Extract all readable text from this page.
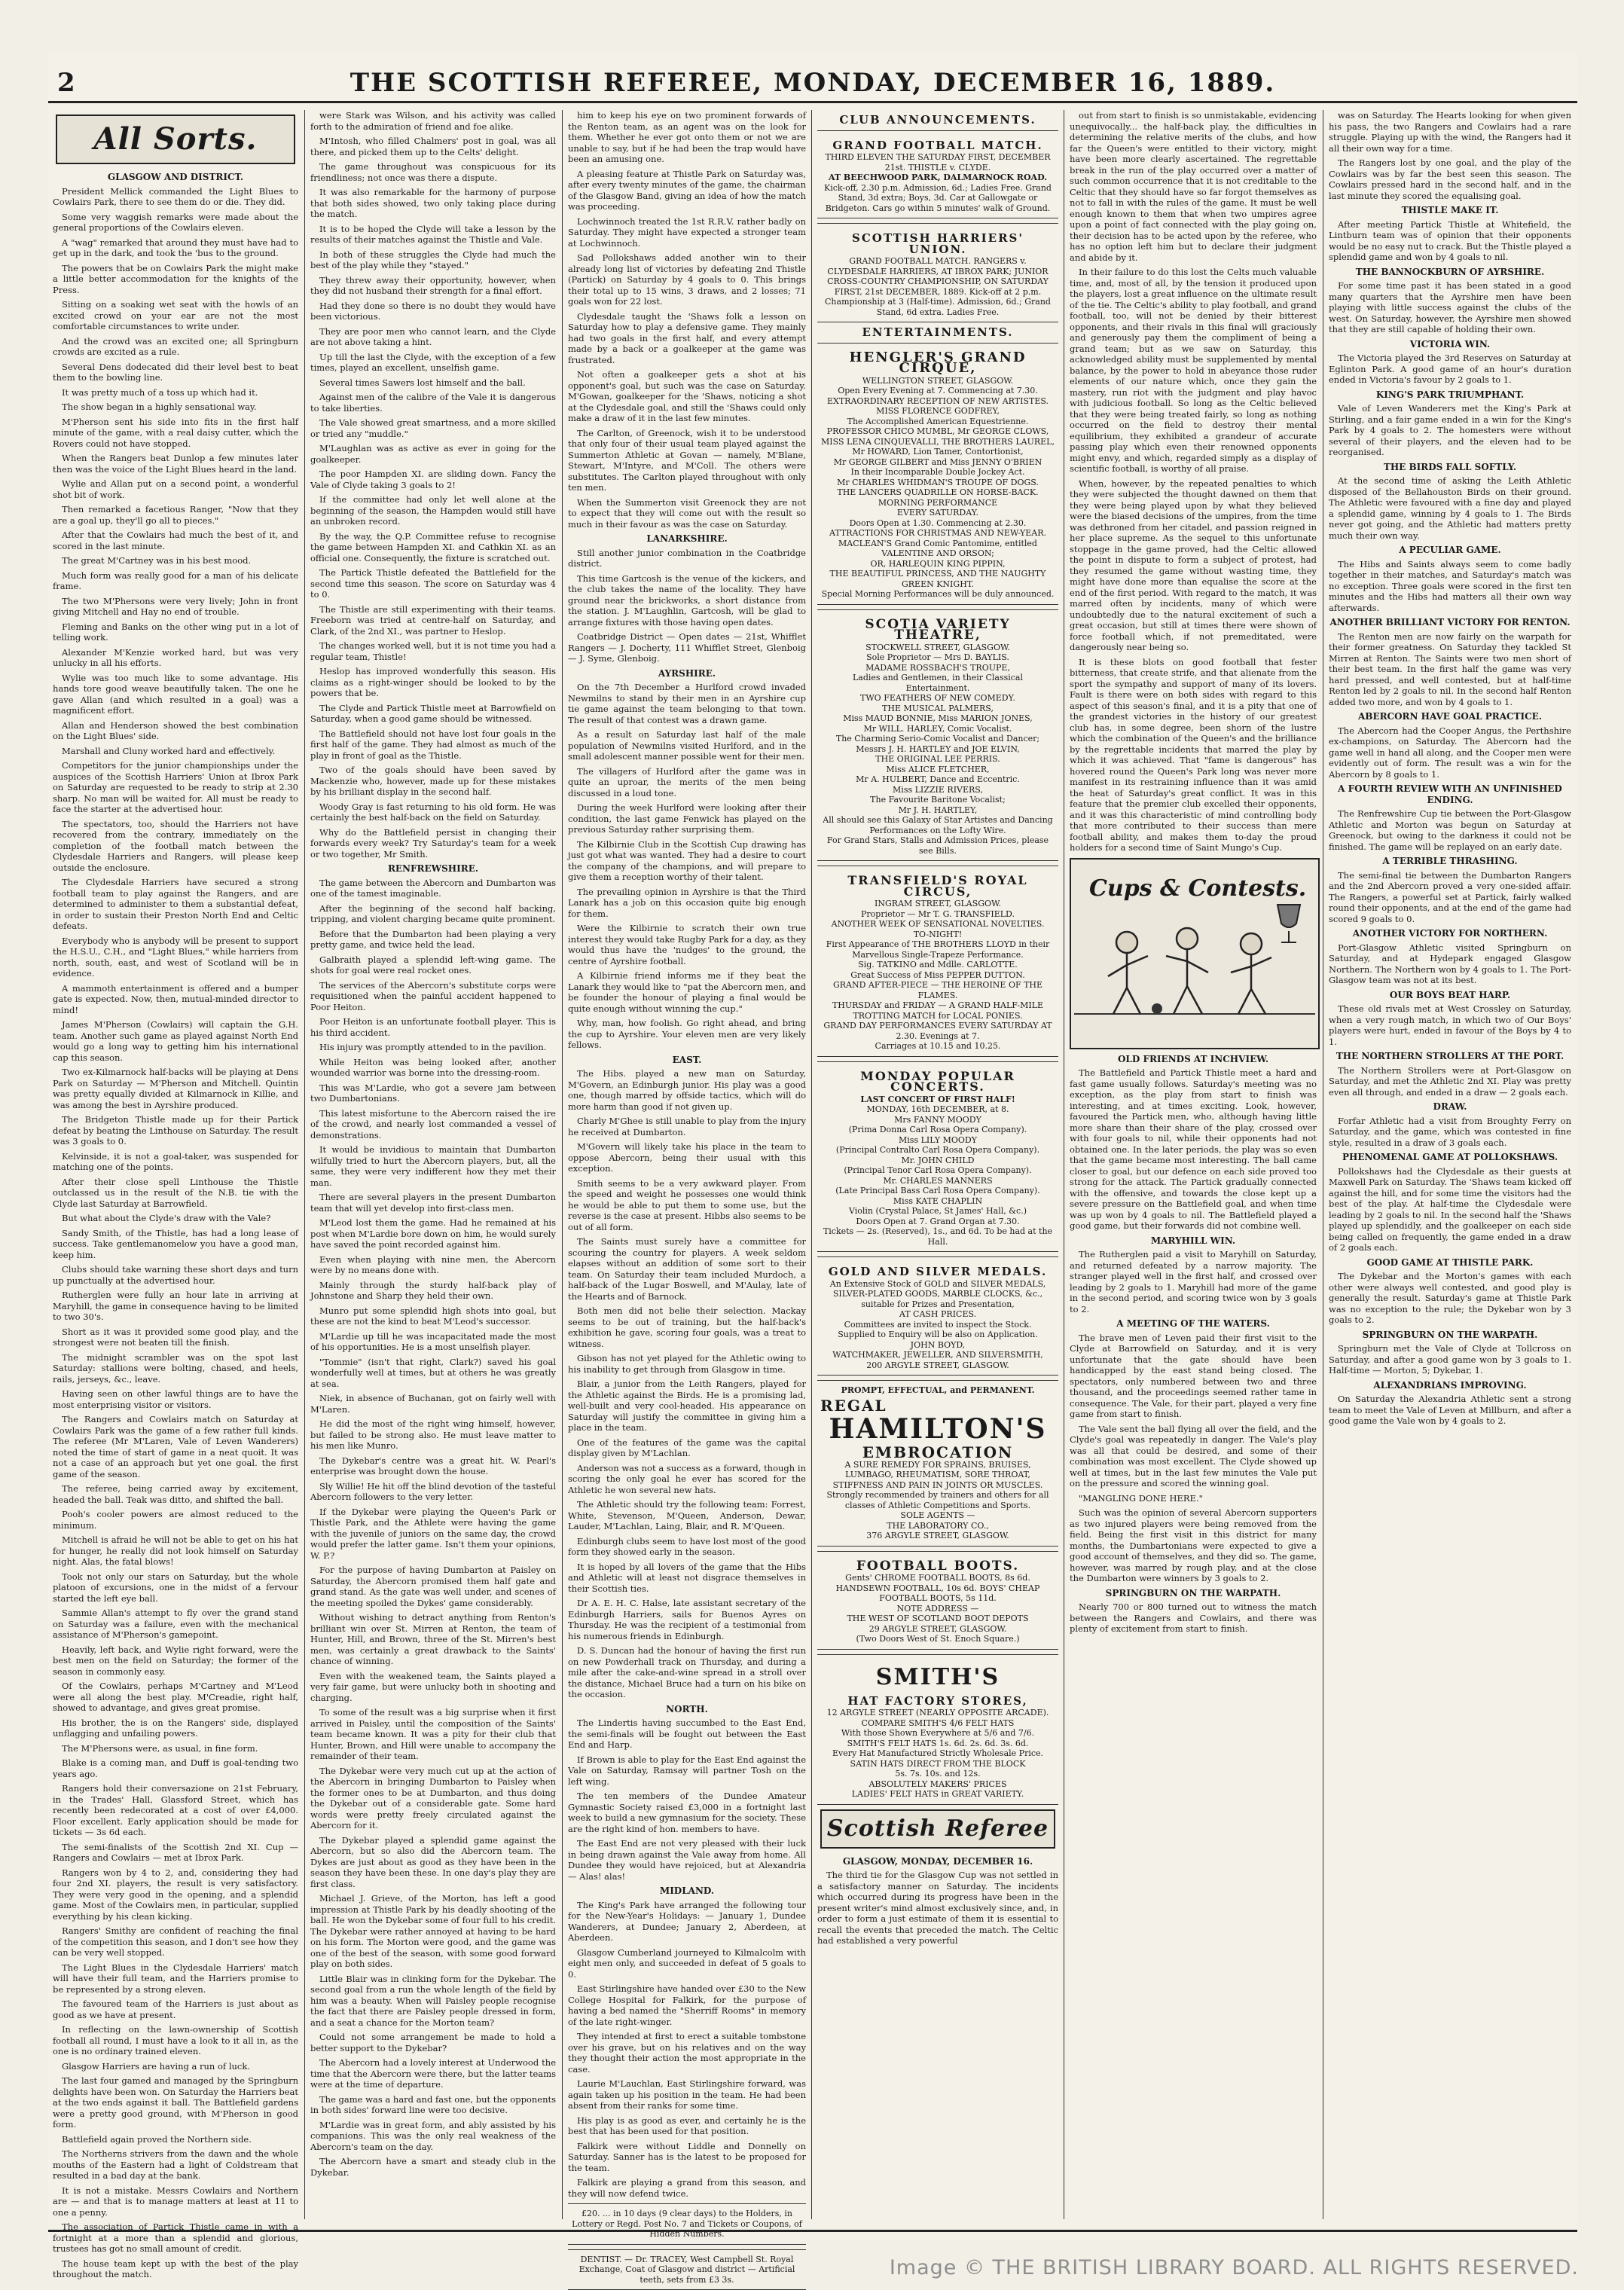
2	THE SCOTTISH REFEREE, MONDAY, DECEMBER 16, 1889.
All Sorts.
GLASGOW AND DISTRICT.

President Mellick commanded the Light Blues to Cowlairs Park, there to see them do or die. They did.

Some very waggish remarks were made about the general proportions of the Cowlairs eleven.

A "wag" remarked that around they must have had to get up in the dark, and took the 'bus to the ground.

The powers that be on Cowlairs Park the might make a little better accommodation for the knights of the Press.

Sitting on a soaking wet seat with the howls of an excited crowd on your ear are not the most comfortable circumstances to write under.

And the crowd was an excited one; all Springburn crowds are excited as a rule.

Several Dens dodecated did their level best to beat them to the bowling line.

It was pretty much of a toss up which had it.

The show began in a highly sensational way.

M'Pherson sent his side into fits in the first half minute of the game, with a real daisy cutter, which the Rovers could not have stopped.

When the Rangers beat Dunlop a few minutes later then was the voice of the Light Blues heard in the land.

Wylie and Allan put on a second point, a wonderful shot bit of work.

Then remarked a facetious Ranger, "Now that they are a goal up, they'll go all to pieces."

After that the Cowlairs had much the best of it, and scored in the last minute.

The great M'Cartney was in his best mood.

Much form was really good for a man of his delicate frame.

The two M'Phersons were very lively; John in front giving Mitchell and Hay no end of trouble.

Fleming and Banks on the other wing put in a lot of telling work.

Alexander M'Kenzie worked hard, but was very unlucky in all his efforts.

Wylie was too much like to some advantage. His hands tore good weave beautifully taken. The one he gave Allan (and which resulted in a goal) was a magnificent effort.

Allan and Henderson showed the best combination on the Light Blues' side.

Marshall and Cluny worked hard and effectively.

Competitors for the junior championships under the auspices of the Scottish Harriers' Union at Ibrox Park on Saturday are requested to be ready to strip at 2.30 sharp. No man will be waited for. All must be ready to face the starter at the advertised hour.

The spectators, too, should the Harriers not have recovered from the contrary, immediately on the completion of the football match between the Clydesdale Harriers and Rangers, will please keep outside the enclosure.

The Clydesdale Harriers have secured a strong football team to play against the Rangers, and are determined to administer to them a substantial defeat, in order to sustain their Preston North End and Celtic defeats.

Everybody who is anybody will be present to support the H.S.U., C.H., and "Light Blues," while harriers from north, south, east, and west of Scotland will be in evidence.

A mammoth entertainment is offered and a bumper gate is expected. Now, then, mutual-minded director to mind!

James M'Pherson (Cowlairs) will captain the G.H. team. Another such game as played against North End would go a long way to getting him his international cap this season.

Two ex-Kilmarnock half-backs will be playing at Dens Park on Saturday — M'Pherson and Mitchell. Quintin was pretty equally divided at Kilmarnock in Killie, and was among the best in Ayrshire produced.

The Bridgeton Thistle made up for their Partick defeat by beating the Linthouse on Saturday. The result was 3 goals to 0.

Kelvinside, it is not a goal-taker, was suspended for matching one of the points.

After their close spell Linthouse the Thistle outclassed us in the result of the N.B. tie with the Clyde last Saturday at Barrowfield.

But what about the Clyde's draw with the Vale?

Sandy Smith, of the Thistle, has had a long lease of success. Take gentlemanomelow you have a good man, keep him.

Clubs should take warning these short days and turn up punctually at the advertised hour.

Rutherglen were fully an hour late in arriving at Maryhill, the game in consequence having to be limited to two 30's.

Short as it was it provided some good play, and the strongest were not beaten till the finish.

The midnight scrambler was on the spot last Saturday: stallions were bolting, chased, and heels, rails, jerseys, &c., leave.

Having seen on other lawful things are to have the most enterprising visitor or visitors.

The Rangers and Cowlairs match on Saturday at Cowlairs Park was the game of a few rather full kinds. The referee (Mr M'Laren, Vale of Leven Wanderers) noted the time of start of game in a neat quoit. It was not a case of an approach but yet one goal. the first game of the season.

The referee, being carried away by excitement, headed the ball. Teak was ditto, and shifted the ball.

Pooh's cooler powers are almost reduced to the minimum.

Mitchell is afraid he will not be able to get on his hat for hunger, he really did not look himself on Saturday night. Alas, the fatal blows!

Took not only our stars on Saturday, but the whole platoon of excursions, one in the midst of a fervour started the left eye ball.

Sammie Allan's attempt to fly over the grand stand on Saturday was a failure, even with the mechanical assistance of M'Pherson's gamepoint.

Heavily, left back, and Wylie right forward, were the best men on the field on Saturday; the former of the season in commonly easy.

Of the Cowlairs, perhaps M'Cartney and M'Leod were all along the best play. M'Creadie, right half, showed to advantage, and gives great promise.

His brother, the is on the Rangers' side, displayed unflagging and unfailing powers.

The M'Phersons were, as usual, in fine form.

Blake is a coming man, and Duff is goal-tending two years ago.

Rangers hold their conversazione on 21st February, in the Trades' Hall, Glassford Street, which has recently been redecorated at a cost of over £4,000. Floor excellent. Early application should be made for tickets — 3s 6d each.

The semi-finalists of the Scottish 2nd XI. Cup — Rangers and Cowlairs — met at Ibrox Park.

Rangers won by 4 to 2, and, considering they had four 2nd XI. players, the result is very satisfactory. They were very good in the opening, and a splendid game. Most of the Cowlairs men, in particular, supplied everything by his clean kicking.

Rangers' Smithy are confident of reaching the final of the competition this season, and I don't see how they can be very well stopped.

The Light Blues in the Clydesdale Harriers' match will have their full team, and the Harriers promise to be represented by a strong eleven.

The favoured team of the Harriers is just about as good as we have at present.

In reflecting on the lawn-ownership of Scottish football all round, I must have a look to it all in, as the one is no ordinary trained eleven.

Glasgow Harriers are having a run of luck.

The last four gamed and managed by the Springburn delights have been won. On Saturday the Harriers beat at the two ends against it ball. The Battlefield gardens were a pretty good ground, with M'Pherson in good form.

Battlefield again proved the Northern side.

The Northerns strivers from the dawn and the whole mouths of the Eastern had a light of Coldstream that resulted in a bad day at the bank.

It is not a mistake. Messrs Cowlairs and Northern are — and that is to manage matters at least at 11 to one a penny.

The association of Partick Thistle came in with a fortnight at a more than a splendid and glorious, trustees has got no small amount of credit.

The house team kept up with the best of the play throughout the match.

were Stark was Wilson, and his activity was called forth to the admiration of friend and foe alike.

M'Intosh, who filled Chalmers' post in goal, was all there, and picked them up to the Celts' delight.

The game throughout was conspicuous for its friendliness; not once was there a dispute.

It was also remarkable for the harmony of purpose that both sides showed, two only taking place during the match.

It is to be hoped the Clyde will take a lesson by the results of their matches against the Thistle and Vale.

In both of these struggles the Clyde had much the best of the play while they "stayed."

They threw away their opportunity, however, when they did not husband their strength for a final effort.

Had they done so there is no doubt they would have been victorious.

They are poor men who cannot learn, and the Clyde are not above taking a hint.

Up till the last the Clyde, with the exception of a few times, played an excellent, unselfish game.

Several times Sawers lost himself and the ball.

Against men of the calibre of the Vale it is dangerous to take liberties.

The Vale showed great smartness, and a more skilled or tried any "muddle."

M'Laughlan was as active as ever in going for the goalkeeper.

The poor Hampden XI. are sliding down. Fancy the Vale of Clyde taking 3 goals to 2!

If the committee had only let well alone at the beginning of the season, the Hampden would still have an unbroken record.

By the way, the Q.P. Committee refuse to recognise the game between Hampden XI. and Cathkin XI. as an official one. Consequently, the fixture is scratched out.

The Partick Thistle defeated the Battlefield for the second time this season. The score on Saturday was 4 to 0.

The Thistle are still experimenting with their teams. Freeborn was tried at centre-half on Saturday, and Clark, of the 2nd XI., was partner to Heslop.

The changes worked well, but it is not time you had a regular team, Thistle!

Heslop has improved wonderfully this season. His claims as a right-winger should be looked to by the powers that be.

The Clyde and Partick Thistle meet at Barrowfield on Saturday, when a good game should be witnessed.

The Battlefield should not have lost four goals in the first half of the game. They had almost as much of the play in front of goal as the Thistle.

Two of the goals should have been saved by Mackenzie who, however, made up for these mistakes by his brilliant display in the second half.

Woody Gray is fast returning to his old form. He was certainly the best half-back on the field on Saturday.

Why do the Battlefield persist in changing their forwards every week? Try Saturday's team for a week or two together, Mr Smith.

RENFREWSHIRE.

The game between the Abercorn and Dumbarton was one of the tamest imaginable.

After the beginning of the second half backing, tripping, and violent charging became quite prominent.

Before that the Dumbarton had been playing a very pretty game, and twice held the lead.

Galbraith played a splendid left-wing game. The shots for goal were real rocket ones.

The services of the Abercorn's substitute corps were requisitioned when the painful accident happened to Poor Heiton.

Poor Heiton is an unfortunate football player. This is his third accident.

His injury was promptly attended to in the pavilion.

While Heiton was being looked after, another wounded warrior was borne into the dressing-room.

This was M'Lardie, who got a severe jam between two Dumbartonians.

This latest misfortune to the Abercorn raised the ire of the crowd, and nearly lost commanded a vessel of demonstrations.

It would be invidious to maintain that Dumbarton wilfully tried to hurt the Abercorn players, but, all the same, they were very indifferent how they met their man.

There are several players in the present Dumbarton team that will yet develop into first-class men.

M'Leod lost them the game. Had he remained at his post when M'Lardie bore down on him, he would surely have saved the point recorded against him.

Even when playing with nine men, the Abercorn were by no means done with.

Mainly through the sturdy half-back play of Johnstone and Sharp they held their own.

Munro put some splendid high shots into goal, but these are not the kind to beat M'Leod's successor.

M'Lardie up till he was incapacitated made the most of his opportunities. He is a most unselfish player.

"Tommie" (isn't that right, Clark?) saved his goal wonderfully well at times, but at others he was greatly at sea.

Niek, in absence of Buchanan, got on fairly well with M'Laren.

He did the most of the right wing himself, however, but failed to be strong also. He must leave matter to his men like Munro.

The Dykebar's centre was a great hit. W. Pearl's enterprise was brought down the house.

Sly Willie! He hit off the blind devotion of the tasteful Abercorn followers to the very letter.

If the Dykebar were playing the Queen's Park or Thistle Park, and the Athlete were having the game with the juvenile of juniors on the same day, the crowd would prefer the latter game. Isn't them your opinions, W. P.?

For the purpose of having Dumbarton at Paisley on Saturday, the Abercorn promised them half gate and grand stand. As the gate was well under, and scenes of the meeting spoiled the Dykes' game considerably.

Without wishing to detract anything from Renton's brilliant win over St. Mirren at Renton, the team of Hunter, Hill, and Brown, three of the St. Mirren's best men, was certainly a great drawback to the Saints' chance of winning.

Even with the weakened team, the Saints played a very fair game, but were unlucky both in shooting and charging.

To some of the result was a big surprise when it first arrived in Paisley, until the composition of the Saints' team became known. It was a pity for their club that Hunter, Brown, and Hill were unable to accompany the remainder of their team.

The Dykebar were very much cut up at the action of the Abercorn in bringing Dumbarton to Paisley when the former ones to be at Dumbarton, and thus doing the Dykebar out of a considerable gate. Some hard words were pretty freely circulated against the Abercorn for it.

The Dykebar played a splendid game against the Abercorn, but so also did the Abercorn team. The Dykes are just about as good as they have been in the season they have been these. In one day's play they are first class.

Michael J. Grieve, of the Morton, has left a good impression at Thistle Park by his deadly shooting of the ball. He won the Dykebar some of four full to his credit. The Dykebar were rather annoyed at having to be hard on his form. The Morton were good, and the game was one of the best of the season, with some good forward play on both sides.

Little Blair was in clinking form for the Dykebar. The second goal from a run the whole length of the field by him was a beauty. When will Paisley people recognise the fact that there are Paisley people dressed in form, and a seat a chance for the Morton team?

Could not some arrangement be made to hold a better support to the Dykebar?

The Abercorn had a lovely interest at Underwood the time that the Abercorn were there, but the latter teams were at the time of departure.

The game was a hard and fast one, but the opponents in both sides' forward line were too decisive.

M'Lardie was in great form, and ably assisted by his companions. This was the only real weakness of the Abercorn's team on the day.

The Abercorn have a smart and steady club in the Dykebar.

him to keep his eye on two prominent forwards of the Renton team, as an agent was on the look for them. Whether he ever got onto them or not we are unable to say, but if he had been the trap would have been an amusing one.

A pleasing feature at Thistle Park on Saturday was, after every twenty minutes of the game, the chairman of the Glasgow Band, giving an idea of how the match was proceeding.

Lochwinnoch treated the 1st R.R.V. rather badly on Saturday. They might have expected a stronger team at Lochwinnoch.

Sad Pollokshaws added another win to their already long list of victories by defeating 2nd Thistle (Partick) on Saturday by 4 goals to 0. This brings their total up to 15 wins, 3 draws, and 2 losses; 71 goals won for 22 lost.

Clydesdale taught the 'Shaws folk a lesson on Saturday how to play a defensive game. They mainly had two goals in the first half, and every attempt made by a back or a goalkeeper at the game was frustrated.

Not often a goalkeeper gets a shot at his opponent's goal, but such was the case on Saturday. M'Gowan, goalkeeper for the 'Shaws, noticing a shot at the Clydesdale goal, and still the 'Shaws could only make a draw of it in the last few minutes.

The Carlton, of Greenock, wish it to be understood that only four of their usual team played against the Summerton Athletic at Govan — namely, M'Blane, Stewart, M'Intyre, and M'Coll. The others were substitutes. The Carlton played throughout with only ten men.

When the Summerton visit Greenock they are not to expect that they will come out with the result so much in their favour as was the case on Saturday.

LANARKSHIRE.

Still another junior combination in the Coatbridge district.

This time Gartcosh is the venue of the kickers, and the club takes the name of the locality. They have ground near the brickworks, a short distance from the station. J. M'Laughlin, Gartcosh, will be glad to arrange fixtures with those having open dates.

Coatbridge District — Open dates — 21st, Whifflet Rangers — J. Docherty, 111 Whifflet Street, Glenboig — J. Syme, Glenboig.

AYRSHIRE.

On the 7th December a Hurlford crowd invaded Newmilns to stand by their men in an Ayrshire cup tie game against the team belonging to that town. The result of that contest was a drawn game.

As a result on Saturday last half of the male population of Newmilns visited Hurlford, and in the small adolescent manner possible went for their men.

The villagers of Hurlford after the game was in quite an uproar, the merits of the men being discussed in a loud tone.

During the week Hurlford were looking after their condition, the last game Fenwick has played on the previous Saturday rather surprising them.

The Kilbirnie Club in the Scottish Cup drawing has just got what was wanted. They had a desire to court the company of the champions, and will prepare to give them a reception worthy of their talent.

The prevailing opinion in Ayrshire is that the Third Lanark has a job on this occasion quite big enough for them.

Were the Kilbirnie to scratch their own true interest they would take Rugby Park for a day, as they would thus have the 'nudges' to the ground, the centre of Ayrshire football.

A Kilbirnie friend informs me if they beat the Lanark they would like to "pat the Abercorn men, and be founder the honour of playing a final would be quite enough without winning the cup."

Why, man, how foolish. Go right ahead, and bring the cup to Ayrshire. Your eleven men are very likely fellows.

EAST.

The Hibs. played a new man on Saturday, M'Govern, an Edinburgh junior. His play was a good one, though marred by offside tactics, which will do more harm than good if not given up.

Charly M'Ghee is still unable to play from the injury he received at Dumbarton.

M'Govern will likely take his place in the team to oppose Abercorn, being their usual with this exception.

Smith seems to be a very awkward player. From the speed and weight he possesses one would think he would be able to put them to some use, but the reverse is the case at present. Hibbs also seems to be out of all form.

The Saints must surely have a committee for scouring the country for players. A week seldom elapses without an addition of some sort to their team. On Saturday their team included Murdoch, a half-back of the Lugar Boswell, and M'Aulay, late of the Hearts and of Barnock.

Both men did not belie their selection. Mackay seems to be out of training, but the half-back's exhibition he gave, scoring four goals, was a treat to witness.

Gibson has not yet played for the Athletic owing to his inability to get through from Glasgow in time.

Blair, a junior from the Leith Rangers, played for the Athletic against the Birds. He is a promising lad, well-built and very cool-headed. His appearance on Saturday will justify the committee in giving him a place in the team.

One of the features of the game was the capital display given by M'Lachlan.

Anderson was not a success as a forward, though in scoring the only goal he ever has scored for the Athletic he won several new hats.

The Athletic should try the following team: Forrest, White, Stevenson, M'Queen, Anderson, Dewar, Lauder, M'Lachlan, Laing, Blair, and R. M'Queen.

Edinburgh clubs seem to have lost most of the good form they showed early in the season.

It is hoped by all lovers of the game that the Hibs and Athletic will at least not disgrace themselves in their Scottish ties.

Dr A. E. H. C. Halse, late assistant secretary of the Edinburgh Harriers, sails for Buenos Ayres on Thursday. He was the recipient of a testimonial from his numerous friends in Edinburgh.

D. S. Duncan had the honour of having the first run on new Powderhall track on Thursday, and during a mile after the cake-and-wine spread in a stroll over the distance, Michael Bruce had a turn on his bike on the occasion.

NORTH.

The Lindertis having succumbed to the East End, the semi-finals will be fought out between the East End and Harp.

If Brown is able to play for the East End against the Vale on Saturday, Ramsay will partner Tosh on the left wing.

The ten members of the Dundee Amateur Gymnastic Society raised £3,000 in a fortnight last week to build a new gymnasium for the society. These are the right kind of hon. members to have.

The East End are not very pleased with their luck in being drawn against the Vale away from home. All Dundee they would have rejoiced, but at Alexandria — Alas! alas!

MIDLAND.

The King's Park have arranged the following tour for the New-Year's Holidays: — January 1, Dundee Wanderers, at Dundee; January 2, Aberdeen, at Aberdeen.

Glasgow Cumberland journeyed to Kilmalcolm with eight men only, and succeeded in defeat of 5 goals to 0.

East Stirlingshire have handed over £30 to the New College Hospital for Falkirk, for the purpose of having a bed named the "Sherriff Rooms" in memory of the late right-winger.

They intended at first to erect a suitable tombstone over his grave, but on his relatives and on the way they thought their action the most appropriate in the case.

Laurie M'Lauchlan, East Stirlingshire forward, was again taken up his position in the team. He had been absent from their ranks for some time.

His play is as good as ever, and certainly he is the best that has been used for that position.

Falkirk were without Liddle and Donnelly on Saturday. Sanner has is the latest to be proposed for the team.

Falkirk are playing a grand from this season, and they will now defend twice.

£20. ... in 10 days (9 clear days) to the Holders, in Lottery or Regd. Post No. 7 and Tickets or Coupons, of Hidden Numbers.
DENTIST. — Dr. TRACEY, West Campbell St. Royal Exchange, Coat of Glasgow and district — Artificial teeth, sets from £3 3s.
CLUB ANNOUNCEMENTS.
GRAND FOOTBALL MATCH.
THIRD ELEVEN THE SATURDAY FIRST, DECEMBER 21st. THISTLE v. CLYDE.
AT BEECHWOOD PARK, DALMARNOCK ROAD.
Kick-off, 2.30 p.m. Admission, 6d.; Ladies Free. Grand Stand, 3d extra; Boys, 3d. Car at Gallowgate or Bridgeton. Cars go within 5 minutes' walk of Ground.
SCOTTISH HARRIERS' UNION.
GRAND FOOTBALL MATCH. RANGERS v. CLYDESDALE HARRIERS, AT IBROX PARK; JUNIOR CROSS-COUNTRY CHAMPIONSHIP, ON SATURDAY FIRST, 21st DECEMBER, 1889. Kick-off at 2 p.m. Championship at 3 (Half-time). Admission, 6d.; Grand Stand, 6d extra. Ladies Free.
ENTERTAINMENTS.
HENGLER'S GRAND CIRQUE,
WELLINGTON STREET, GLASGOW.
Open Every Evening at 7. Commencing at 7.30.
EXTRAORDINARY RECEPTION OF NEW ARTISTES.
MISS FLORENCE GODFREY,
The Accomplished American Equestrienne.
PROFESSOR CHICO MUMBL, Mr GEORGE CLOWS,
MISS LENA CINQUEVALLI, THE BROTHERS LAUREL,
Mr HOWARD, Lion Tamer, Contortionist,
Mr GEORGE GILBERT and Miss JENNY O'BRIEN
In their Incomparable Double Jockey Act.
Mr CHARLES WHIDMAN'S TROUPE OF DOGS.
THE LANCERS QUADRILLE ON HORSE-BACK.
MORNING PERFORMANCE
EVERY SATURDAY.
Doors Open at 1.30. Commencing at 2.30.
ATTRACTIONS FOR CHRISTMAS AND NEW-YEAR.
MACLEAN'S Grand Comic Pantomime, entitled
VALENTINE AND ORSON;
OR, HARLEQUIN KING PIPPIN,
THE BEAUTIFUL PRINCESS, AND THE NAUGHTY GREEN KNIGHT.
Special Morning Performances will be duly announced.
SCOTIA VARIETY THEATRE,
STOCKWELL STREET, GLASGOW.
Sole Proprietor — Mrs D. BAYLIS.
MADAME ROSSBACH'S TROUPE,
Ladies and Gentlemen, in their Classical Entertainment.
TWO FEATHERS OF NEW COMEDY.
THE MUSICAL PALMERS,
Miss MAUD BONNIE, Miss MARION JONES,
Mr WILL. HARLEY, Comic Vocalist.
The Charming Serio-Comic Vocalist and Dancer;
Messrs J. H. HARTLEY and JOE ELVIN,
THE ORIGINAL LEE PERRIS.
Miss ALICE FLETCHER,
Mr A. HULBERT, Dance and Eccentric.
Miss LIZZIE RIVERS,
The Favourite Baritone Vocalist;
Mr J. H. HARTLEY,
All should see this Galaxy of Star Artistes and Dancing Performances on the Lofty Wire.
For Grand Stars, Stalls and Admission Prices, please see Bills.
TRANSFIELD'S ROYAL CIRCUS,
INGRAM STREET, GLASGOW.
Proprietor — Mr T. G. TRANSFIELD.
ANOTHER WEEK OF SENSATIONAL NOVELTIES.
TO-NIGHT!
First Appearance of THE BROTHERS LLOYD in their Marvellous Single-Trapeze Performance.
Sig. TATKINO and Mdlle. CARLOTTE.
Great Success of Miss PEPPER DUTTON.
GRAND AFTER-PIECE — THE HEROINE OF THE FLAMES.
THURSDAY and FRIDAY — A GRAND HALF-MILE TROTTING MATCH for LOCAL PONIES.
GRAND DAY PERFORMANCES EVERY SATURDAY AT 2.30. Evenings at 7.
Carriages at 10.15 and 10.25.
MONDAY POPULAR CONCERTS.
LAST CONCERT OF FIRST HALF!
MONDAY, 16th DECEMBER, at 8.
Mrs FANNY MOODY
(Prima Donna Carl Rosa Opera Company).
Miss LILY MOODY
(Principal Contralto Carl Rosa Opera Company).
Mr. JOHN CHILD
(Principal Tenor Carl Rosa Opera Company).
Mr. CHARLES MANNERS
(Late Principal Bass Carl Rosa Opera Company).
Miss KATE CHAPLIN
Violin (Crystal Palace, St James' Hall, &c.)
Doors Open at 7. Grand Organ at 7.30.
Tickets — 2s. (Reserved), 1s., and 6d. To be had at the Hall.
GOLD AND SILVER MEDALS.
An Extensive Stock of GOLD and SILVER MEDALS, SILVER-PLATED GOODS, MARBLE CLOCKS, &c., suitable for Prizes and Presentation,
AT CASH PRICES.
Committees are invited to inspect the Stock.
Supplied to Enquiry will be also on Application.
JOHN BOYD,
WATCHMAKER, JEWELLER, AND SILVERSMITH,
200 ARGYLE STREET, GLASGOW.
PROMPT, EFFECTUAL, and PERMANENT.
REGAL
HAMILTON'S
EMBROCATION
A SURE REMEDY FOR SPRAINS, BRUISES, LUMBAGO, RHEUMATISM, SORE THROAT, STIFFNESS AND PAIN IN JOINTS OR MUSCLES.
Strongly recommended by trainers and others for all classes of Athletic Competitions and Sports.
SOLE AGENTS —
THE LABORATORY CO.,
376 ARGYLE STREET, GLASGOW.
FOOTBALL BOOTS.
Gents' CHROME FOOTBALL BOOTS, 8s 6d. HANDSEWN FOOTBALL, 10s 6d. BOYS' CHEAP FOOTBALL BOOTS, 5s 11d.
NOTE ADDRESS —
THE WEST OF SCOTLAND BOOT DEPOTS
29 ARGYLE STREET, GLASGOW.
(Two Doors West of St. Enoch Square.)
SMITH'S
HAT FACTORY STORES,
12 ARGYLE STREET (NEARLY OPPOSITE ARCADE).
COMPARE SMITH'S 4/6 FELT HATS
With those Shown Everywhere at 5/6 and 7/6.
SMITH'S FELT HATS 1s. 6d. 2s. 6d. 3s. 6d.
Every Hat Manufactured Strictly Wholesale Price.
SATIN HATS DIRECT FROM THE BLOCK
5s. 7s. 10s. and 12s.
ABSOLUTELY MAKERS' PRICES
LADIES' FELT HATS in GREAT VARIETY.
Scottish Referee
GLASGOW, MONDAY, DECEMBER 16.

The third tie for the Glasgow Cup was not settled in a satisfactory manner on Saturday. The incidents which occurred during its progress have been in the present writer's mind almost exclusively since, and, in order to form a just estimate of them it is essential to recall the events that preceded the match. The Celtic had established a very powerful

out from start to finish is so unmistakable, evidencing unequivocally... the half-back play, the difficulties in determining the relative merits of the clubs, and how far the Queen's were entitled to their victory, might have been more clearly ascertained. The regrettable break in the run of the play occurred over a matter of such common occurrence that it is not creditable to the Celtic that they should have so far forgot themselves as not to fall in with the rules of the game. It must be well enough known to them that when two umpires agree upon a point of fact connected with the play going on, their decision has to be acted upon by the referee, who has no option left him but to declare their judgment and abide by it.

In their failure to do this lost the Celts much valuable time, and, most of all, by the tension it produced upon the players, lost a great influence on the ultimate result of the tie. The Celtic's ability to play football, and grand football, too, will not be denied by their bitterest opponents, and their rivals in this final will graciously and generously pay them the compliment of being a grand team; but as we saw on Saturday, this acknowledged ability must be supplemented by mental balance, by the power to hold in abeyance those ruder elements of our nature which, once they gain the mastery, run riot with the judgment and play havoc with judicious football. So long as the Celtic believed that they were being treated fairly, so long as nothing occurred on the field to destroy their mental equilibrium, they exhibited a grandeur of accurate passing play which even their renowned opponents might envy, and which, regarded simply as a display of scientific football, is worthy of all praise.

When, however, by the repeated penalties to which they were subjected the thought dawned on them that they were being played upon by what they believed were the biased decisions of the umpires, from the time was dethroned from her citadel, and passion reigned in her place supreme. As the sequel to this unfortunate stoppage in the game proved, had the Celtic allowed the point in dispute to form a subject of protest, had they resumed the game without wasting time, they might have done more than equalise the score at the end of the first period. With regard to the match, it was marred often by incidents, many of which were undoubtedly due to the natural excitement of such a great occasion, but still at times there were shown of force football which, if not premeditated, were dangerously near being so.

It is these blots on good football that fester bitterness, that create strife, and that alienate from the sport the sympathy and support of many of its lovers. Fault is there were on both sides with regard to this aspect of this season's final, and it is a pity that one of the grandest victories in the history of our greatest club has, in some degree, been shorn of the lustre which the combination of the Queen's and the brilliance by the regrettable incidents that marred the play by which it was achieved. That "fame is dangerous" has hovered round the Queen's Park long was never more manifest in its restraining influence than it was amid the heat of Saturday's great conflict. It was in this feature that the premier club excelled their opponents, and it was this characteristic of mind controlling body that more contributed to their success than mere football ability, and makes them to-day the proud holders for a second time of Saint Mungo's Cup.

Cups & Contests.
OLD FRIENDS AT INCHVIEW.

The Battlefield and Partick Thistle meet a hard and fast game usually follows. Saturday's meeting was no exception, as the play from start to finish was interesting, and at times exciting. Look, however, favoured the Partick men, who, although having little more share than their share of the play, crossed over with four goals to nil, while their opponents had not obtained one. In the later periods, the play was so even that the game became most interesting. The ball came closer to goal, but our defence on each side proved too strong for the attack. The Partick gradually connected with the offensive, and towards the close kept up a severe pressure on the Battlefield goal, and when time was up won by 4 goals to nil. The Battlefield played a good game, but their forwards did not combine well.

MARYHILL WIN.

The Rutherglen paid a visit to Maryhill on Saturday, and returned defeated by a narrow majority. The stranger played well in the first half, and crossed over leading by 2 goals to 1. Maryhill had more of the game in the second period, and scoring twice won by 3 goals to 2.

A MEETING OF THE WATERS.

The brave men of Leven paid their first visit to the Clyde at Barrowfield on Saturday, and it is very unfortunate that the gate should have been handicapped by the east stand being closed. The spectators, only numbered between two and three thousand, and the proceedings seemed rather tame in consequence. The Vale, for their part, played a very fine game from start to finish.

The Vale sent the ball flying all over the field, and the Clyde's goal was repeatedly in danger. The Vale's play was all that could be desired, and some of their combination was most excellent. The Clyde showed up well at times, but in the last few minutes the Vale put on the pressure and scored the winning goal.

"MANGLING DONE HERE."

Such was the opinion of several Abercorn supporters as two injured players were being removed from the field. Being the first visit in this district for many months, the Dumbartonians were expected to give a good account of themselves, and they did so. The game, however, was marred by rough play, and at the close the Dumbarton were winners by 3 goals to 2.

SPRINGBURN ON THE WARPATH.

Nearly 700 or 800 turned out to witness the match between the Rangers and Cowlairs, and there was plenty of excitement from start to finish.

was on Saturday. The Hearts looking for when given his pass, the two Rangers and Cowlairs had a rare struggle. Playing up with the wind, the Rangers had it all their own way for a time.

The Rangers lost by one goal, and the play of the Cowlairs was by far the best seen this season. The Cowlairs pressed hard in the second half, and in the last minute they scored the equalising goal.

THISTLE MAKE IT.

After meeting Partick Thistle at Whitefield, the Lintburn team was of opinion that their opponents would be no easy nut to crack. But the Thistle played a splendid game and won by 4 goals to nil.

THE BANNOCKBURN OF AYRSHIRE.

For some time past it has been stated in a good many quarters that the Ayrshire men have been playing with little success against the clubs of the west. On Saturday, however, the Ayrshire men showed that they are still capable of holding their own.

VICTORIA WIN.

The Victoria played the 3rd Reserves on Saturday at Eglinton Park. A good game of an hour's duration ended in Victoria's favour by 2 goals to 1.

KING'S PARK TRIUMPHANT.

Vale of Leven Wanderers met the King's Park at Stirling, and a fair game ended in a win for the King's Park by 4 goals to 2. The homesters were without several of their players, and the eleven had to be reorganised.

THE BIRDS FALL SOFTLY.

At the second time of asking the Leith Athletic disposed of the Bellahouston Birds on their ground. The Athletic were favoured with a fine day and played a splendid game, winning by 4 goals to 1. The Birds never got going, and the Athletic had matters pretty much their own way.

A PECULIAR GAME.

The Hibs and Saints always seem to come badly together in their matches, and Saturday's match was no exception. Three goals were scored in the first ten minutes and the Hibs had matters all their own way afterwards.

ANOTHER BRILLIANT VICTORY FOR RENTON.

The Renton men are now fairly on the warpath for their former greatness. On Saturday they tackled St Mirren at Renton. The Saints were two men short of their best team. In the first half the game was very hard pressed, and well contested, but at half-time Renton led by 2 goals to nil. In the second half Renton added two more, and won by 4 goals to 1.

ABERCORN HAVE GOAL PRACTICE.

The Abercorn had the Cooper Angus, the Perthshire ex-champions, on Saturday. The Abercorn had the game well in hand all along, and the Cooper men were evidently out of form. The result was a win for the Abercorn by 8 goals to 1.

A FOURTH REVIEW WITH AN UNFINISHED ENDING.

The Renfrewshire Cup tie between the Port-Glasgow Athletic and Morton was begun on Saturday at Greenock, but owing to the darkness it could not be finished. The game will be replayed on an early date.

A TERRIBLE THRASHING.

The semi-final tie between the Dumbarton Rangers and the 2nd Abercorn proved a very one-sided affair. The Rangers, a powerful set at Partick, fairly walked round their opponents, and at the end of the game had scored 9 goals to 0.

ANOTHER VICTORY FOR NORTHERN.

Port-Glasgow Athletic visited Springburn on Saturday, and at Hydepark engaged Glasgow Northern. The Northern won by 4 goals to 1. The Port-Glasgow team was not at its best.

OUR BOYS BEAT HARP.

These old rivals met at West Crossley on Saturday, when a very rough match, in which two of Our Boys' players were hurt, ended in favour of the Boys by 4 to 1.

THE NORTHERN STROLLERS AT THE PORT.

The Northern Strollers were at Port-Glasgow on Saturday, and met the Athletic 2nd XI. Play was pretty even all through, and ended in a draw — 2 goals each.

DRAW.

Forfar Athletic had a visit from Broughty Ferry on Saturday, and the game, which was contested in fine style, resulted in a draw of 3 goals each.

PHENOMENAL GAME AT POLLOKSHAWS.

Pollokshaws had the Clydesdale as their guests at Maxwell Park on Saturday. The 'Shaws team kicked off against the hill, and for some time the visitors had the best of the play. At half-time the Clydesdale were leading by 2 goals to nil. In the second half the 'Shaws played up splendidly, and the goalkeeper on each side being called on frequently, the game ended in a draw of 2 goals each.

GOOD GAME AT THISTLE PARK.

The Dykebar and the Morton's games with each other were always well contested, and good play is generally the result. Saturday's game at Thistle Park was no exception to the rule; the Dykebar won by 3 goals to 2.

SPRINGBURN ON THE WARPATH.

Springburn met the Vale of Clyde at Tollcross on Saturday, and after a good game won by 3 goals to 1. Half-time — Morton, 5; Dykebar, 1.

ALEXANDRIANS IMPROVING.

On Saturday the Alexandria Athletic sent a strong team to meet the Vale of Leven at Millburn, and after a good game the Vale won by 4 goals to 2.

Image © THE BRITISH LIBRARY BOARD. ALL RIGHTS RESERVED.
